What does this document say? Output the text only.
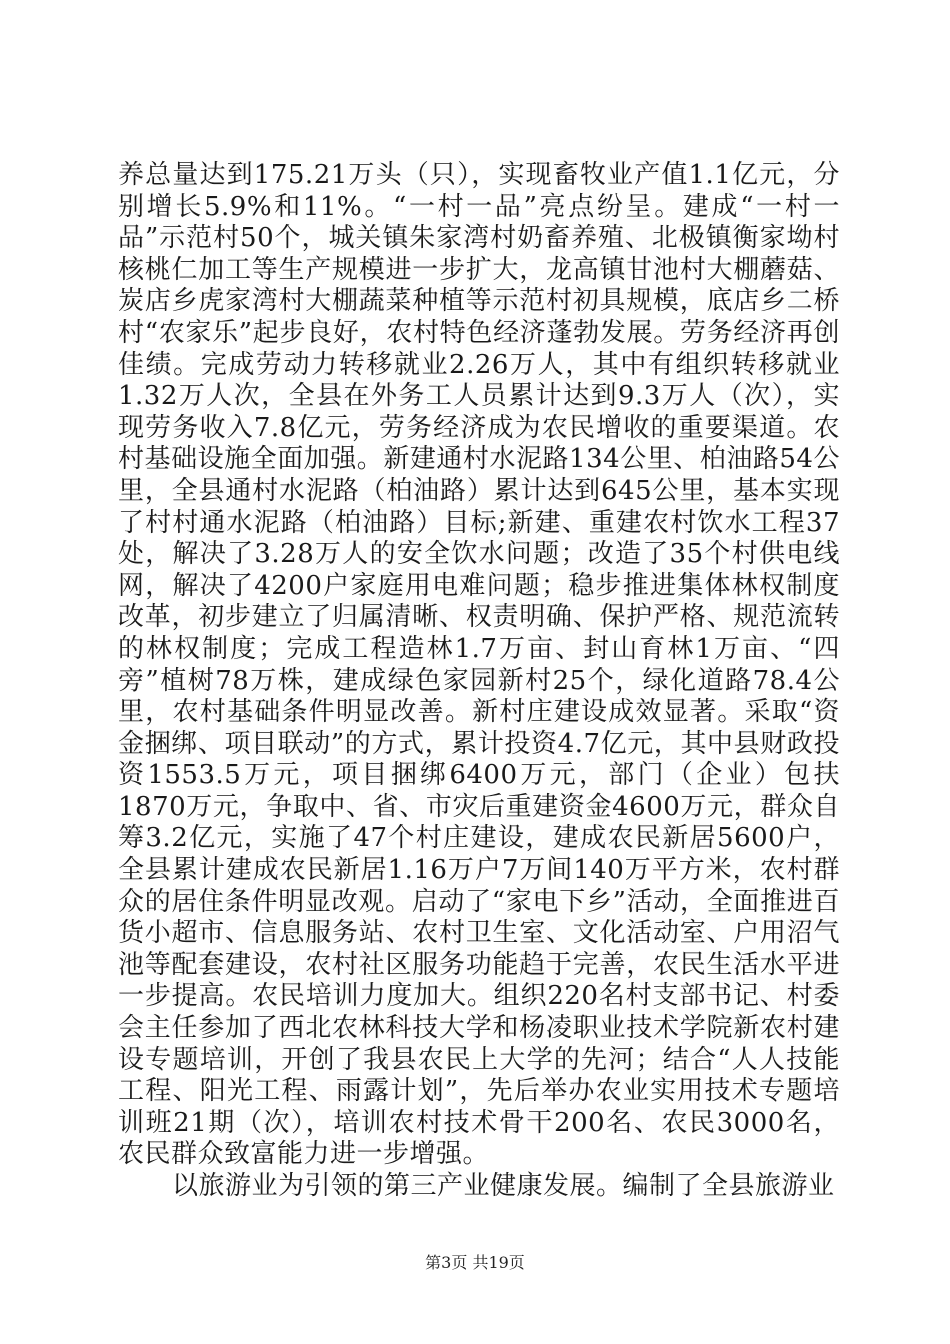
养总量达到175.21万头（只），实现畜牧业产值1.1亿元，分别增长5.9%和11%。“一村一品”亮点纷呈。建成“一村一品”示范村50个，城关镇朱家湾村奶畜养殖、北极镇衡家坳村核桃仁加工等生产规模进一步扩大，龙高镇甘池村大棚蘑菇、炭店乡虎家湾村大棚蔬菜种植等示范村初具规模，底店乡二桥村“农家乐”起步良好，农村特色经济蓬勃发展。劳务经济再创佳绩。完成劳动力转移就业2.26万人，其中有组织转移就业1.32万人次，全县在外务工人员累计达到9.3万人（次），实现劳务收入7.8亿元，劳务经济成为农民增收的重要渠道。农村基础设施全面加强。新建通村水泥路134公里、柏油路54公里，全县通村水泥路（柏油路）累计达到645公里，基本实现了村村通水泥路（柏油路）目标;新建、重建农村饮水工程37处，解决了3.28万人的安全饮水问题；改造了35个村供电线网，解决了4200户家庭用电难问题；稳步推进集体林权制度改革，初步建立了归属清晰、权责明确、保护严格、规范流转的林权制度；完成工程造林1.7万亩、封山育林1万亩、“四旁”植树78万株，建成绿色家园新村25个，绿化道路78.4公里，农村基础条件明显改善。新村庄建设成效显著。采取“资金捆绑、项目联动”的方式，累计投资4.7亿元，其中县财政投资1553.5万元，项目捆绑6400万元，部门（企业）包扶1870万元，争取中、省、市灾后重建资金4600万元，群众自筹3.2亿元，实施了47个村庄建设，建成农民新居5600户，全县累计建成农民新居1.16万户7万间140万平方米，农村群众的居住条件明显改观。启动了“家电下乡”活动，全面推进百货小超市、信息服务站、农村卫生室、文化活动室、户用沼气池等配套建设，农村社区服务功能趋于完善，农民生活水平进一步提高。农民培训力度加大。组织220名村支部书记、村委会主任参加了西北农林科技大学和杨凌职业技术学院新农村建设专题培训，开创了我县农民上大学的先河；结合“人人技能工程、阳光工程、雨露计划”，先后举办农业实用技术专题培训班21期（次），培训农村技术骨干200名、农民3000名，农民群众致富能力进一步增强。

以旅游业为引领的第三产业健康发展。编制了全县旅游业

第3页 共19页
